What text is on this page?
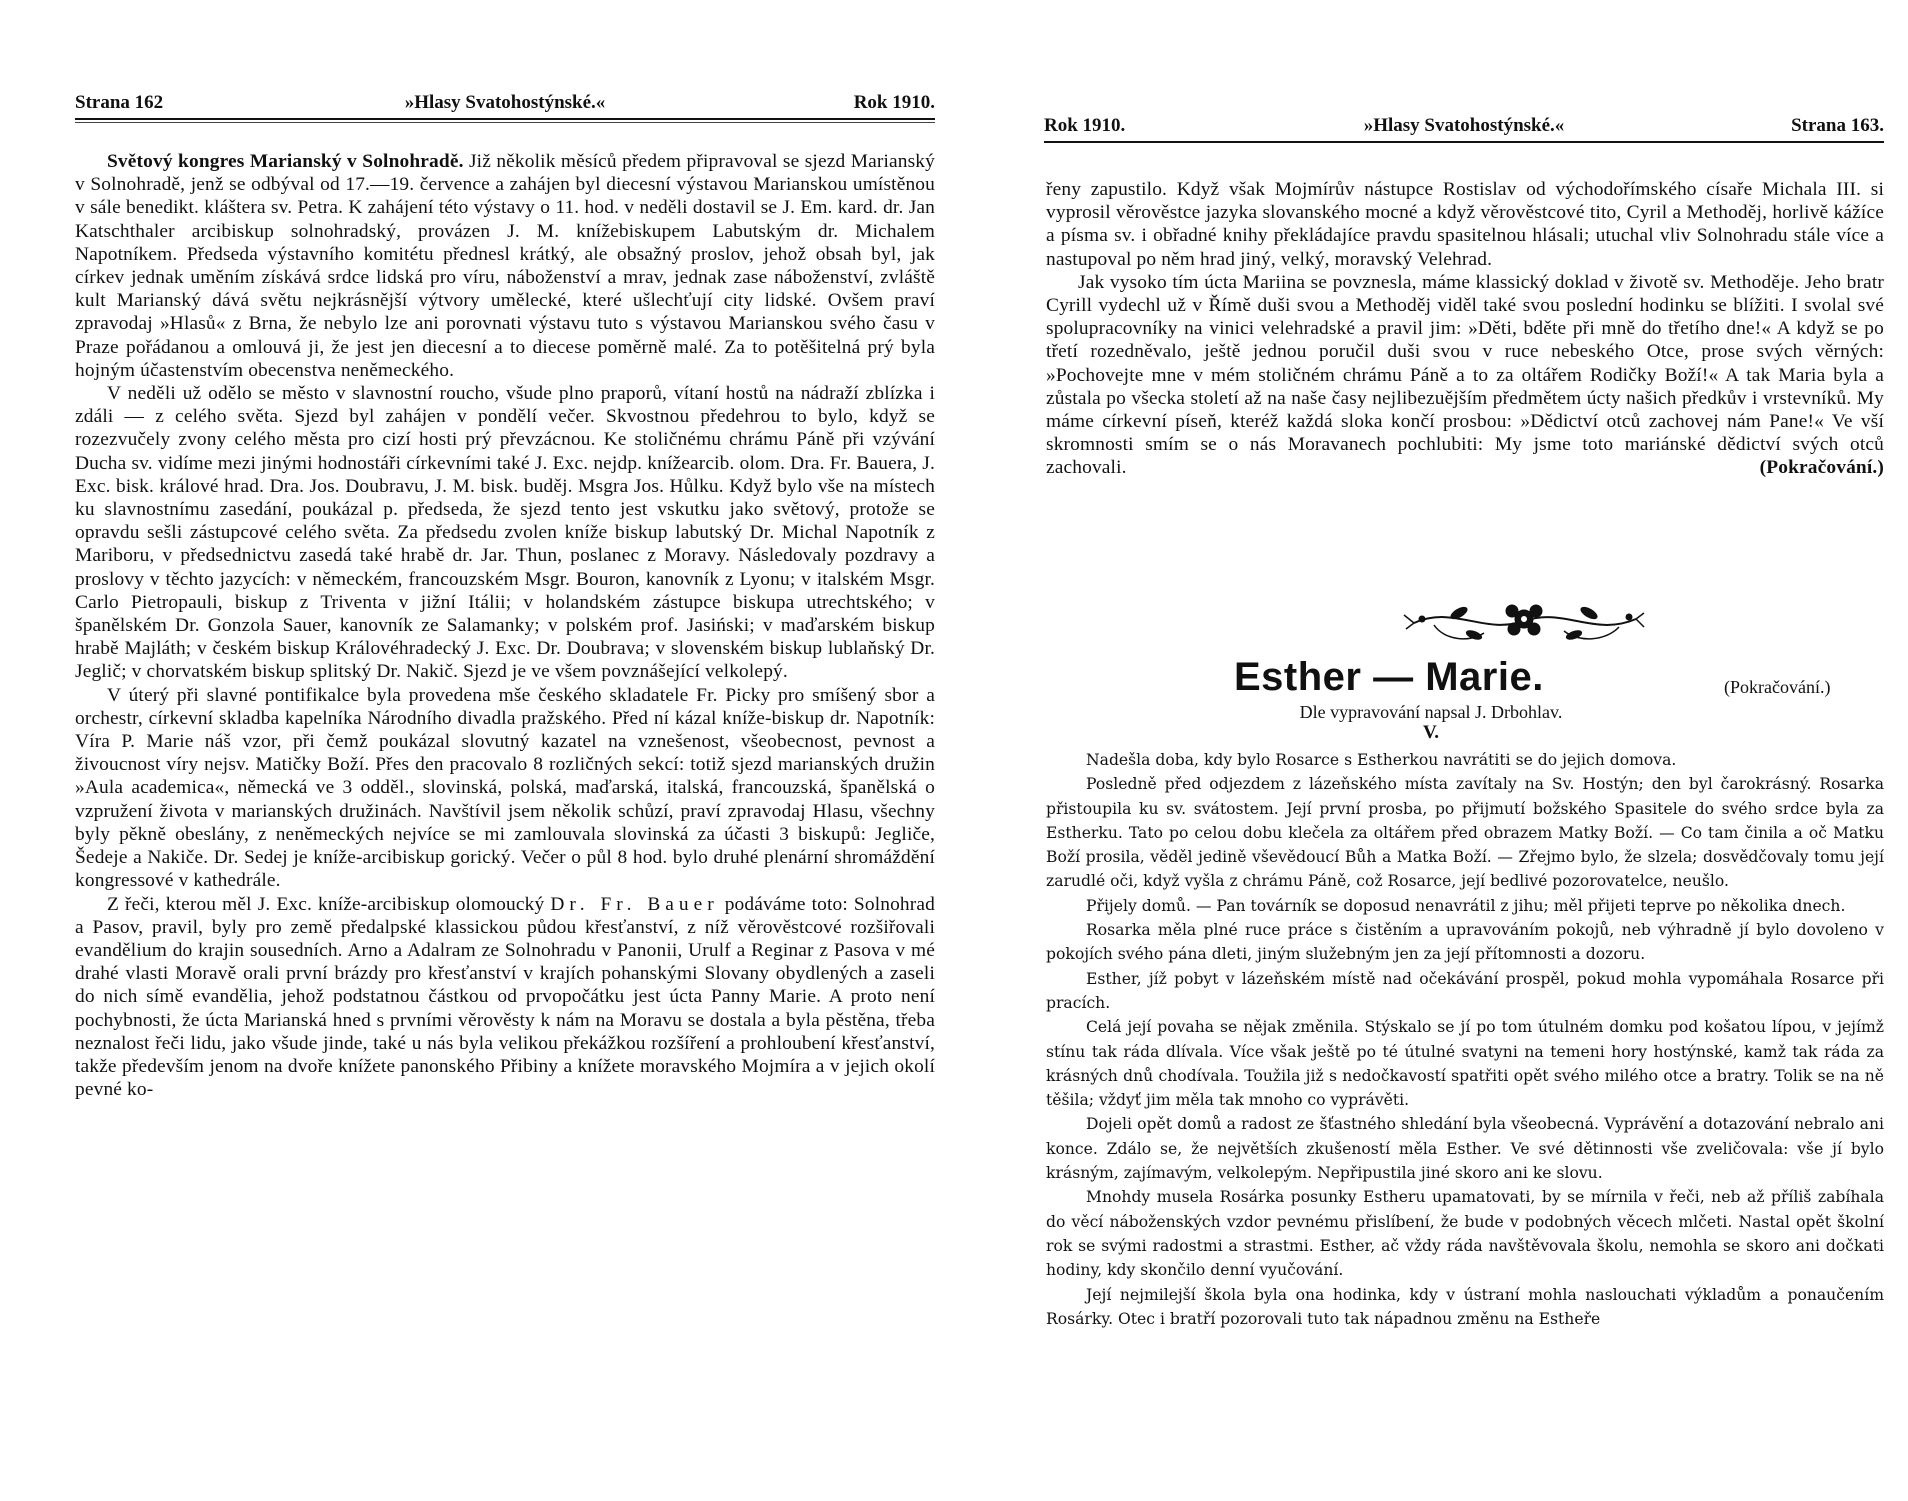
Strana 162	»Hlasy Svatohostýnské.«	Rok 1910.

Světový kongres Marianský v Solnohradě. Již několik měsíců předem připravoval se sjezd Marianský v Solnohradě, jenž se odbýval od 17.—19. července a zahájen byl diecesní výstavou Marianskou umístěnou v sále benedikt. kláštera sv. Petra. K zahájení této výstavy o 11. hod. v neděli dostavil se J. Em. kard. dr. Jan Katschthaler arcibiskup solnohradský, provázen J. M. knížebiskupem Labutským dr. Michalem Napotníkem. Předseda výstavního komitétu přednesl krátký, ale obsažný proslov, jehož obsah byl, jak církev jednak uměním získává srdce lidská pro víru, náboženství a mrav, jednak zase náboženství, zvláště kult Marianský dává světu nejkrásnější výtvory umělecké, které ušlechťují city lidské. Ovšem praví zpravodaj »Hlasů« z Brna, že nebylo lze ani porovnati výstavu tuto s výstavou Marianskou svého času v Praze pořádanou a omlouvá ji, že jest jen diecesní a to diecese poměrně malé. Za to potěšitelná prý byla hojným účastenstvím obecenstva neněmeckého.

V neděli už odělo se město v slavnostní roucho, všude plno praporů, vítaní hostů na nádraží zblízka i zdáli — z celého světa. Sjezd byl zahájen v pondělí večer. Skvostnou předehrou to bylo, když se rozezvučely zvony celého města pro cizí hosti prý převzácnou. Ke stoličnému chrámu Páně při vzývání Ducha sv. vidíme mezi jinými hodnostáři církevními také J. Exc. nejdp. knížearcib. olom. Dra. Fr. Bauera, J. Exc. bisk. králové hrad. Dra. Jos. Doubravu, J. M. bisk. buděj. Msgra Jos. Hůlku. Když bylo vše na místech ku slavnostnímu zasedání, poukázal p. předseda, že sjezd tento jest vskutku jako světový, protože se opravdu sešli zástupcové celého světa. Za předsedu zvolen kníže biskup labutský Dr. Michal Napotník z Mariboru, v předsednictvu zasedá také hrabě dr. Jar. Thun, poslanec z Moravy. Následovaly pozdravy a proslovy v těchto jazycích: v německém, francouzském Msgr. Bouron, kanovník z Lyonu; v italském Msgr. Carlo Pietropauli, biskup z Triventa v jižní Itálii; v holandském zástupce biskupa utrechtského; v španělském Dr. Gonzola Sauer, kanovník ze Salamanky; v polském prof. Jasiński; v maďarském biskup hrabě Majláth; v českém biskup Královéhradecký J. Exc. Dr. Doubrava; v slovenském biskup lublaňský Dr. Jeglič; v chorvatském biskup splitský Dr. Nakič. Sjezd je ve všem povznášející velkolepý.

V úterý při slavné pontifikalce byla provedena mše českého skladatele Fr. Picky pro smíšený sbor a orchestr, církevní skladba kapelníka Národního divadla pražského. Před ní kázal kníže-biskup dr. Napotník: Víra P. Marie náš vzor, při čemž poukázal slovutný kazatel na vznešenost, všeobecnost, pevnost a živoucnost víry nejsv. Matičky Boží. Přes den pracovalo 8 rozličných sekcí: totiž sjezd marianských družin »Aula academica«, německá ve 3 odděl., slovinská, polská, maďarská, italská, francouzská, španělská o vzpružení života v marianských družinách. Navštívil jsem několik schůzí, praví zpravodaj Hlasu, všechny byly pěkně obeslány, z neněmeckých nejvíce se mi zamlouvala slovinská za účasti 3 biskupů: Jegliče, Šedeje a Nakiče. Dr. Sedej je kníže-arcibiskup gorický. Večer o půl 8 hod. bylo druhé plenární shromáždění kongressové v kathedrále.

Z řeči, kterou měl J. Exc. kníže-arcibiskup olomoucký Dr. Fr. Bauer podáváme toto: Solnohrad a Pasov, pravil, byly pro země předalpské klassickou půdou křesťanství, z níž věrověstcové rozšiřovali evandělium do krajin sousedních. Arno a Adalram ze Solnohradu v Panonii, Urulf a Reginar z Pasova v mé drahé vlasti Moravě orali první brázdy pro křesťanství v krajích pohanskými Slovany obydlených a zaseli do nich símě evandělia, jehož podstatnou částkou od prvopočátku jest úcta Panny Marie. A proto není pochybnosti, že úcta Marianská hned s prvními věrověsty k nám na Moravu se dostala a byla pěstěna, třeba neznalost řeči lidu, jako všude jinde, také u nás byla velikou překážkou rozšíření a prohloubení křesťanství, takže především jenom na dvoře knížete panonského Přibiny a knížete moravského Mojmíra a v jejich okolí pevné ko-

Rok 1910.	»Hlasy Svatohostýnské.«	Strana 163.

řeny zapustilo. Když však Mojmírův nástupce Rostislav od východořímského císaře Michala III. si vyprosil věrověstce jazyka slovanského mocné a když věrověstcové tito, Cyril a Methoděj, horlivě kážíce a písma sv. i obřadné knihy překládajíce pravdu spasitelnou hlásali; utuchal vliv Solnohradu stále více a nastupoval po něm hrad jiný, velký, moravský Velehrad.

Jak vysoko tím úcta Mariina se povznesla, máme klassický doklad v životě sv. Methoděje. Jeho bratr Cyrill vydechl už v Římě duši svou a Methoděj viděl také svou poslední hodinku se blížiti. I svolal své spolupracovníky na vinici velehradské a pravil jim: »Děti, bděte při mně do třetího dne!« A když se po třetí rozedněvalo, ještě jednou poručil duši svou v ruce nebeského Otce, prose svých věrných: »Pochovejte mne v mém stoličném chrámu Páně a to za oltářem Rodičky Boží!« A tak Maria byla a zůstala po všecka století až na naše časy nejlibezuějším předmětem úcty našich předkův i vrstevníků. My máme církevní píseň, kteréž každá sloka končí prosbou: »Dědictví otců zachovej nám Pane!« Ve vší skromnosti smím se o nás Moravanech pochlubiti: My jsme toto mariánské dědictví svých otců zachovali.	(Pokračování.)

Esther — Marie.	(Pokračování.)
Dle vypravování napsal J. Drbohlav.
V.

Nadešla doba, kdy bylo Rosarce s Estherkou navrátiti se do jejich domova.

Posledně před odjezdem z lázeňského místa zavítaly na Sv. Hostýn; den byl čarokrásný. Rosarka přistoupila ku sv. svátostem. Její první prosba, po přijmutí božského Spasitele do svého srdce byla za Estherku. Tato po celou dobu klečela za oltářem před obrazem Matky Boží. — Co tam činila a oč Matku Boží prosila, věděl jedině vševědoucí Bůh a Matka Boží. — Zřejmo bylo, že slzela; dosvědčovaly tomu její zarudlé oči, když vyšla z chrámu Páně, což Rosarce, její bedlivé pozorovatelce, neušlo.

Přijely domů. — Pan továrník se doposud nenavrátil z jihu; měl přijeti teprve po několika dnech.

Rosarka měla plné ruce práce s čistěním a upravováním pokojů, neb výhradně jí bylo dovoleno v pokojích svého pána dleti, jiným služebným jen za její přítomnosti a dozoru.

Esther, jíž pobyt v lázeňském místě nad očekávání prospěl, pokud mohla vypomáhala Rosarce při pracích.

Celá její povaha se nějak změnila. Stýskalo se jí po tom útulném domku pod košatou lípou, v jejímž stínu tak ráda dlívala. Více však ještě po té útulné svatyni na temeni hory hostýnské, kamž tak ráda za krásných dnů chodívala. Toužila již s nedočkavostí spatřiti opět svého milého otce a bratry. Tolik se na ně těšila; vždyť jim měla tak mnoho co vyprávěti.

Dojeli opět domů a radost ze šťastného shledání byla všeobecná. Vyprávění a dotazování nebralo ani konce. Zdálo se, že největších zkušeností měla Esther. Ve své dětinnosti vše zveličovala: vše jí bylo krásným, zajímavým, velkolepým. Nepřipustila jiné skoro ani ke slovu.

Mnohdy musela Rosárka posunky Estheru upamatovati, by se mírnila v řeči, neb až příliš zabíhala do věcí náboženských vzdor pevnému přislíbení, že bude v podobných věcech mlčeti. Nastal opět školní rok se svými radostmi a strastmi. Esther, ač vždy ráda navštěvovala školu, nemohla se skoro ani dočkati hodiny, kdy skončilo denní vyučování.

Její nejmilejší škola byla ona hodinka, kdy v ústraní mohla naslouchati výkladům a ponaučením Rosárky. Otec i bratří pozorovali tuto tak nápadnou změnu na Estheře
